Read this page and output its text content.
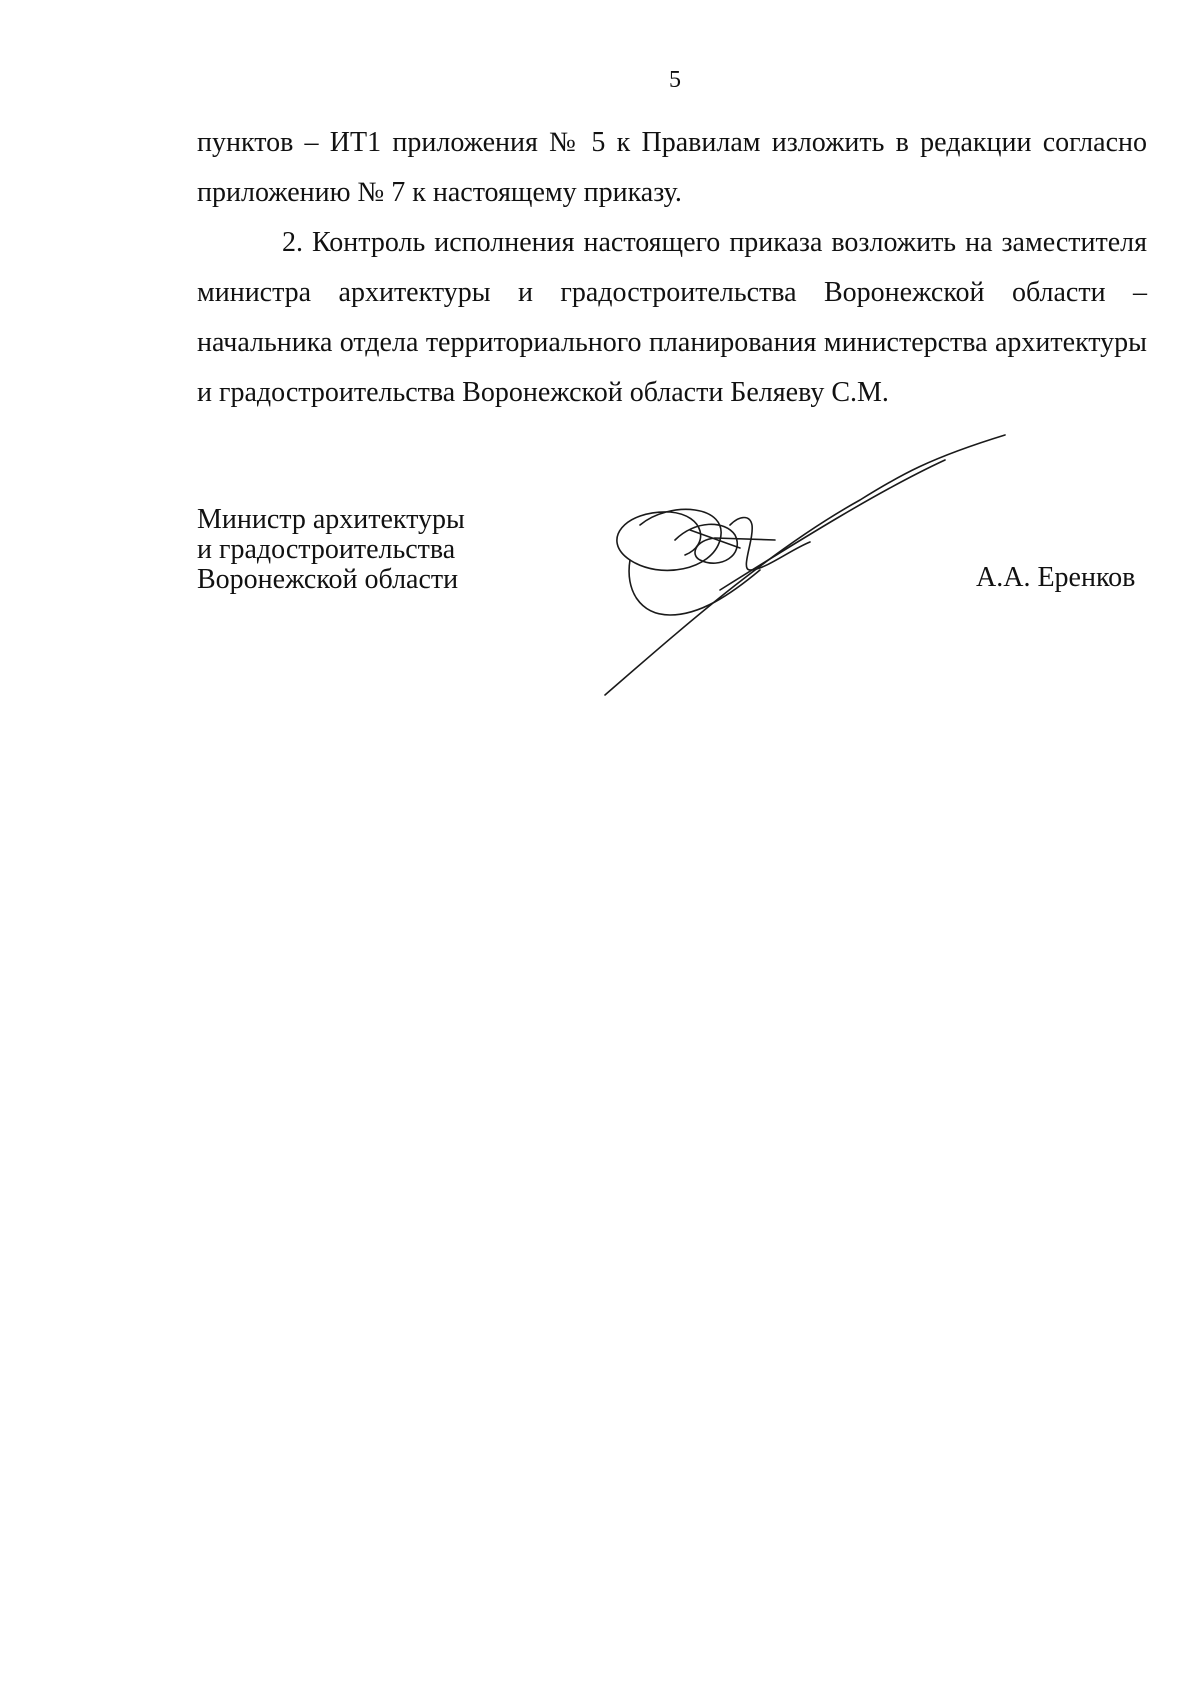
5

пунктов – ИТ1 приложения № 5 к Правилам изложить в редакции согласно приложению № 7 к настоящему приказу.

2. Контроль исполнения настоящего приказа возложить на заместителя министра архитектуры и градостроительства Воронежской области – начальника отдела территориального планирования министерства архитектуры и градостроительства Воронежской области Беляеву С.М.

Министр архитектуры
и градостроительства
Воронежской области	А.А. Еренков
